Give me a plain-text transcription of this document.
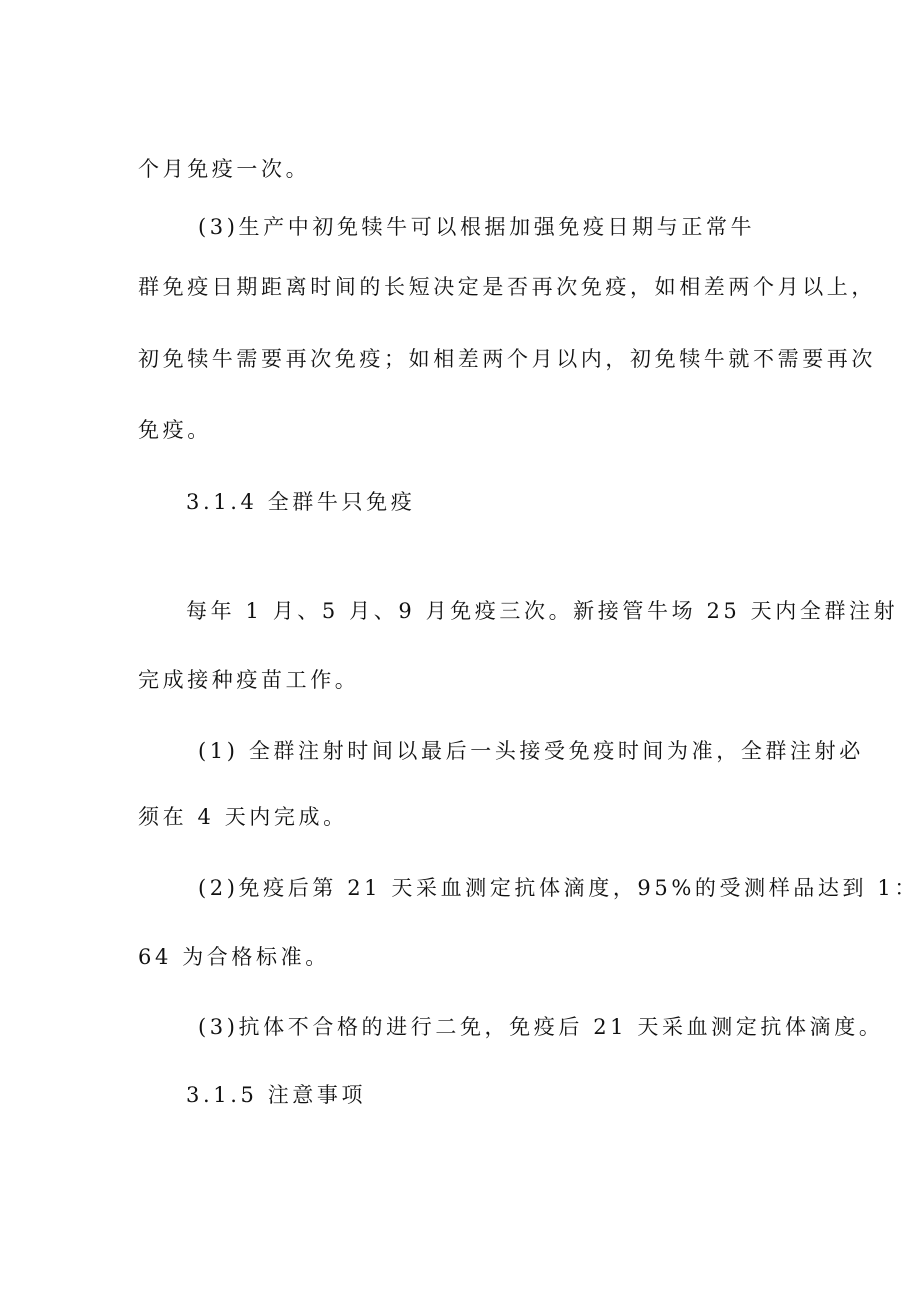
个月免疫一次。
(3)生产中初免犊牛可以根据加强免疫日期与正常牛
群免疫日期距离时间的长短决定是否再次免疫，如相差两个月以上，
初免犊牛需要再次免疫；如相差两个月以内，初免犊牛就不需要再次
免疫。
3.1.4 全群牛只免疫
每年 1 月、5 月、9 月免疫三次。新接管牛场 25 天内全群注射
完成接种疫苗工作。
(1) 全群注射时间以最后一头接受免疫时间为准，全群注射必
须在 4 天内完成。
(2)免疫后第 21 天采血测定抗体滴度，95%的受测样品达到 1：
64 为合格标准。
(3)抗体不合格的进行二免，免疫后 21 天采血测定抗体滴度。
3.1.5 注意事项
